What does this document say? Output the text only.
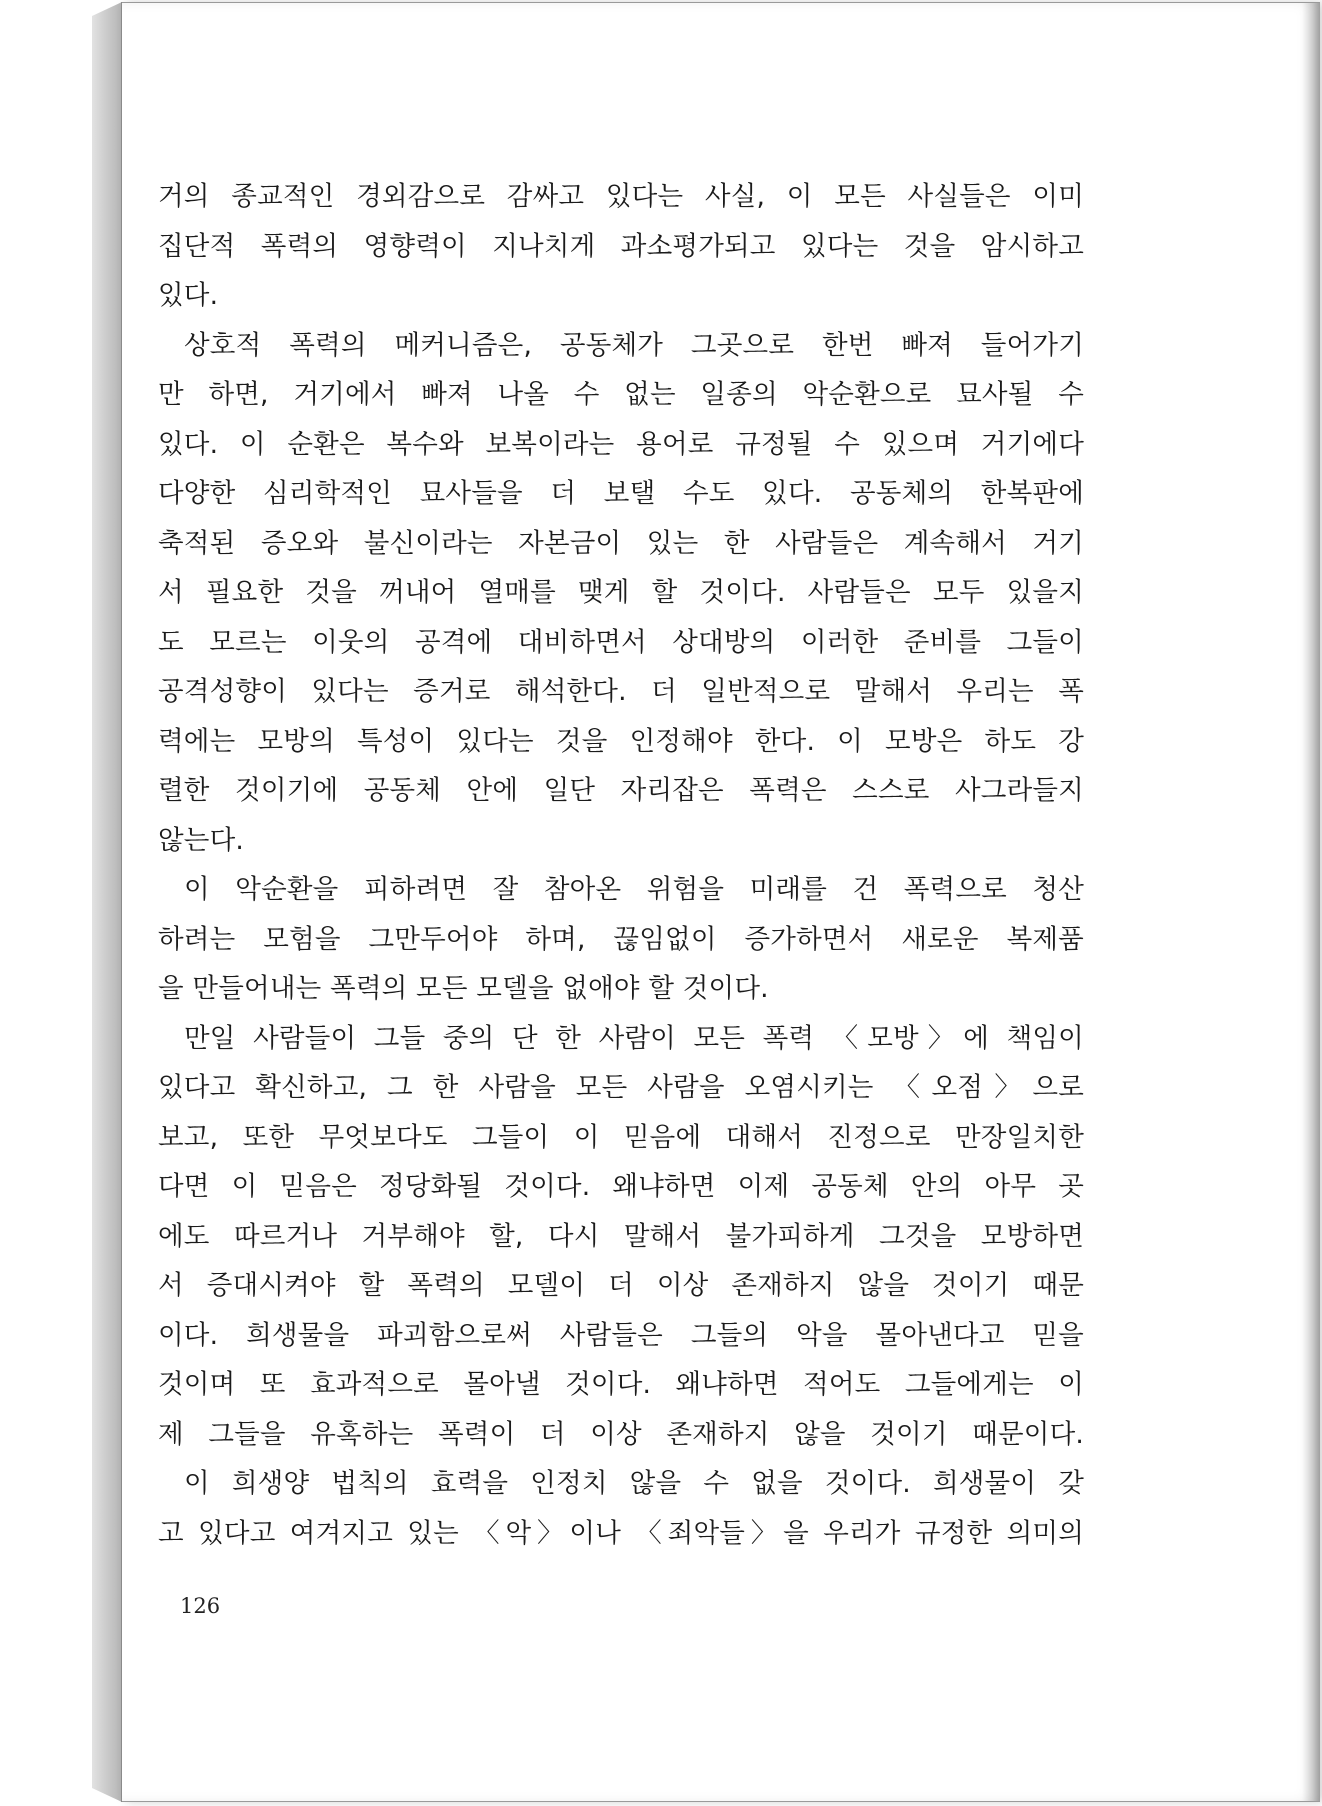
거의 종교적인 경외감으로 감싸고 있다는 사실, 이 모든 사실들은 이미
집단적 폭력의 영향력이 지나치게 과소평가되고 있다는 것을 암시하고
있다.
상호적 폭력의 메커니즘은, 공동체가 그곳으로 한번 빠져 들어가기
만 하면, 거기에서 빠져 나올 수 없는 일종의 악순환으로 묘사될 수
있다. 이 순환은 복수와 보복이라는 용어로 규정될 수 있으며 거기에다
다양한 심리학적인 묘사들을 더 보탤 수도 있다. 공동체의 한복판에
축적된 증오와 불신이라는 자본금이 있는 한 사람들은 계속해서 거기
서 필요한 것을 꺼내어 열매를 맺게 할 것이다. 사람들은 모두 있을지
도 모르는 이웃의 공격에 대비하면서 상대방의 이러한 준비를 그들이
공격성향이 있다는 증거로 해석한다. 더 일반적으로 말해서 우리는 폭
력에는 모방의 특성이 있다는 것을 인정해야 한다. 이 모방은 하도 강
렬한 것이기에 공동체 안에 일단 자리잡은 폭력은 스스로 사그라들지
않는다.
이 악순환을 피하려면 잘 참아온 위험을 미래를 건 폭력으로 청산
하려는 모험을 그만두어야 하며, 끊임없이 증가하면서 새로운 복제품
을 만들어내는 폭력의 모든 모델을 없애야 할 것이다.
만일 사람들이 그들 중의 단 한 사람이 모든 폭력 〈모방〉에 책임이
있다고 확신하고, 그 한 사람을 모든 사람을 오염시키는 〈오점〉으로
보고, 또한 무엇보다도 그들이 이 믿음에 대해서 진정으로 만장일치한
다면 이 믿음은 정당화될 것이다. 왜냐하면 이제 공동체 안의 아무 곳
에도 따르거나 거부해야 할, 다시 말해서 불가피하게 그것을 모방하면
서 증대시켜야 할 폭력의 모델이 더 이상 존재하지 않을 것이기 때문
이다. 희생물을 파괴함으로써 사람들은 그들의 악을 몰아낸다고 믿을
것이며 또 효과적으로 몰아낼 것이다. 왜냐하면 적어도 그들에게는 이
제 그들을 유혹하는 폭력이 더 이상 존재하지 않을 것이기 때문이다.
이 희생양 법칙의 효력을 인정치 않을 수 없을 것이다. 희생물이 갖
고 있다고 여겨지고 있는 〈악〉이나 〈죄악들〉을 우리가 규정한 의미의
126
